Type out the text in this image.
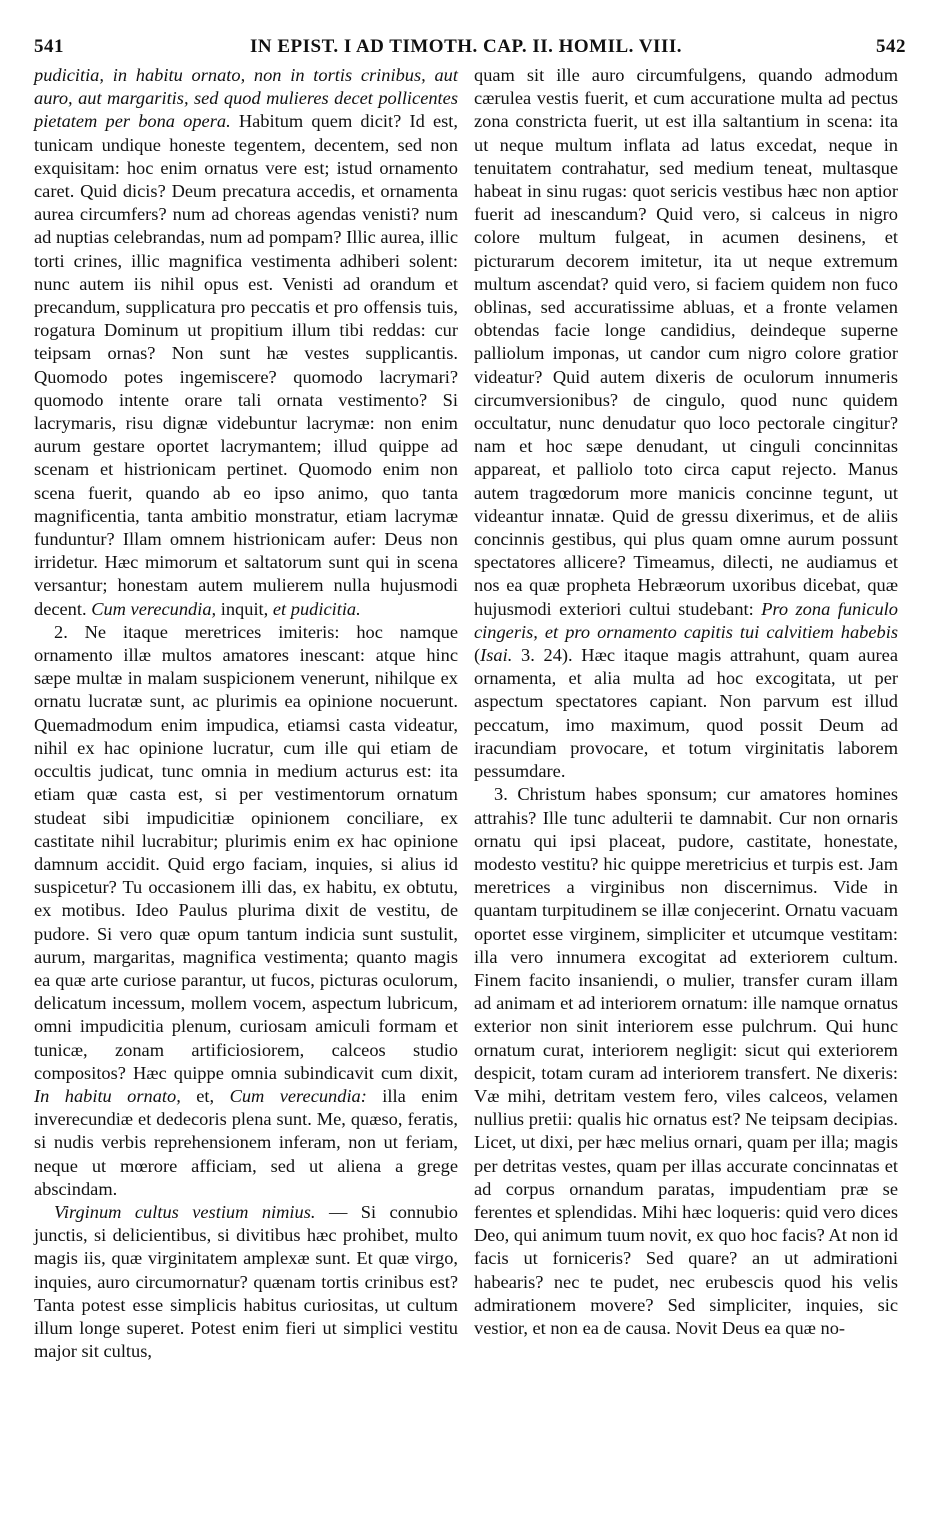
541	IN EPIST. I AD TIMOTH. CAP. II. HOMIL. VIII.	542

pudicitia, in habitu ornato, non in tortis crinibus, aut auro, aut margaritis, sed quod mulieres decet pollicentes pietatem per bona opera. Habitum quem dicit? Id est, tunicam undique honeste tegentem, decentem, sed non exquisitam: hoc enim ornatus vere est; istud ornamento caret. Quid dicis? Deum precatura accedis, et ornamenta aurea circumfers? num ad choreas agendas venisti? num ad nuptias celebrandas, num ad pompam? Illic aurea, illic torti crines, illic magnifica vestimenta adhiberi solent: nunc autem iis nihil opus est. Venisti ad orandum et precandum, supplicatura pro peccatis et pro offensis tuis, rogatura Dominum ut propitium illum tibi reddas: cur teipsam ornas? Non sunt hæ vestes supplicantis. Quomodo potes ingemiscere? quomodo lacrymari? quomodo intente orare tali ornata vestimento? Si lacrymaris, risu dignæ videbuntur lacrymæ: non enim aurum gestare oportet lacrymantem; illud quippe ad scenam et histrionicam pertinet. Quomodo enim non scena fuerit, quando ab eo ipso animo, quo tanta magnificentia, tanta ambitio monstratur, etiam lacrymæ funduntur? Illam omnem histrionicam aufer: Deus non irridetur. Hæc mimorum et saltatorum sunt qui in scena versantur; honestam autem mulierem nulla hujusmodi decent. Cum verecundia, inquit, et pudicitia.

2. Ne itaque meretrices imiteris: hoc namque ornamento illæ multos amatores inescant: atque hinc sæpe multæ in malam suspicionem venerunt, nihilque ex ornatu lucratæ sunt, ac plurimis ea opinione nocuerunt. Quemadmodum enim impudica, etiamsi casta videatur, nihil ex hac opinione lucratur, cum ille qui etiam de occultis judicat, tunc omnia in medium acturus est: ita etiam quæ casta est, si per vestimentorum ornatum studeat sibi impudicitiæ opinionem conciliare, ex castitate nihil lucrabitur; plurimis enim ex hac opinione damnum accidit. Quid ergo faciam, inquies, si alius id suspicetur? Tu occasionem illi das, ex habitu, ex obtutu, ex motibus. Ideo Paulus plurima dixit de vestitu, de pudore. Si vero quæ opum tantum indicia sunt sustulit, aurum, margaritas, magnifica vestimenta; quanto magis ea quæ arte curiose parantur, ut fucos, picturas oculorum, delicatum incessum, mollem vocem, aspectum lubricum, omni impudicitia plenum, curiosam amiculi formam et tunicæ, zonam artificiosiorem, calceos studio compositos? Hæc quippe omnia subindicavit cum dixit, In habitu ornato, et, Cum verecundia: illa enim inverecundiæ et dedecoris plena sunt. Me, quæso, feratis, si nudis verbis reprehensionem inferam, non ut feriam, neque ut mœrore afficiam, sed ut aliena a grege abscindam.

Virginum cultus vestium nimius. — Si connubio junctis, si delicientibus, si divitibus hæc prohibet, multo magis iis, quæ virginitatem amplexæ sunt. Et quæ virgo, inquies, auro circumornatur? quænam tortis crinibus est? Tanta potest esse simplicis habitus curiositas, ut cultum illum longe superet. Potest enim fieri ut simplici vestitu major sit cultus,

quam sit ille auro circumfulgens, quando admodum cærulea vestis fuerit, et cum accuratione multa ad pectus zona constricta fuerit, ut est illa saltantium in scena: ita ut neque multum inflata ad latus excedat, neque in tenuitatem contrahatur, sed medium teneat, multasque habeat in sinu rugas: quot sericis vestibus hæc non aptior fuerit ad inescandum? Quid vero, si calceus in nigro colore multum fulgeat, in acumen desinens, et picturarum decorem imitetur, ita ut neque extremum multum ascendat? quid vero, si faciem quidem non fuco oblinas, sed accuratissime abluas, et a fronte velamen obtendas facie longe candidius, deindeque superne palliolum imponas, ut candor cum nigro colore gratior videatur? Quid autem dixeris de oculorum innumeris circumversionibus? de cingulo, quod nunc quidem occultatur, nunc denudatur quo loco pectorale cingitur? nam et hoc sæpe denudant, ut cinguli concinnitas appareat, et palliolo toto circa caput rejecto. Manus autem tragœdorum more manicis concinne tegunt, ut videantur innatæ. Quid de gressu dixerimus, et de aliis concinnis gestibus, qui plus quam omne aurum possunt spectatores allicere? Timeamus, dilecti, ne audiamus et nos ea quæ propheta Hebræorum uxoribus dicebat, quæ hujusmodi exteriori cultui studebant: Pro zona funiculo cingeris, et pro ornamento capitis tui calvitiem habebis (Isai. 3. 24). Hæc itaque magis attrahunt, quam aurea ornamenta, et alia multa ad hoc excogitata, ut per aspectum spectatores capiant. Non parvum est illud peccatum, imo maximum, quod possit Deum ad iracundiam provocare, et totum virginitatis laborem pessumdare.

3. Christum habes sponsum; cur amatores homines attrahis? Ille tunc adulterii te damnabit. Cur non ornaris ornatu qui ipsi placeat, pudore, castitate, honestate, modesto vestitu? hic quippe meretricius et turpis est. Jam meretrices a virginibus non discernimus. Vide in quantam turpitudinem se illæ conjecerint. Ornatu vacuam oportet esse virginem, simpliciter et utcumque vestitam: illa vero innumera excogitat ad exteriorem cultum. Finem facito insaniendi, o mulier, transfer curam illam ad animam et ad interiorem ornatum: ille namque ornatus exterior non sinit interiorem esse pulchrum. Qui hunc ornatum curat, interiorem negligit: sicut qui exteriorem despicit, totam curam ad interiorem transfert. Ne dixeris: Væ mihi, detritam vestem fero, viles calceos, velamen nullius pretii: qualis hic ornatus est? Ne teipsam decipias. Licet, ut dixi, per hæc melius ornari, quam per illa; magis per detritas vestes, quam per illas accurate concinnatas et ad corpus ornandum paratas, impudentiam præ se ferentes et splendidas. Mihi hæc loqueris: quid vero dices Deo, qui animum tuum novit, ex quo hoc facis? At non id facis ut forniceris? Sed quare? an ut admirationi habearis? nec te pudet, nec erubescis quod his velis admirationem movere? Sed simpliciter, inquies, sic vestior, et non ea de causa. Novit Deus ea quæ no-
